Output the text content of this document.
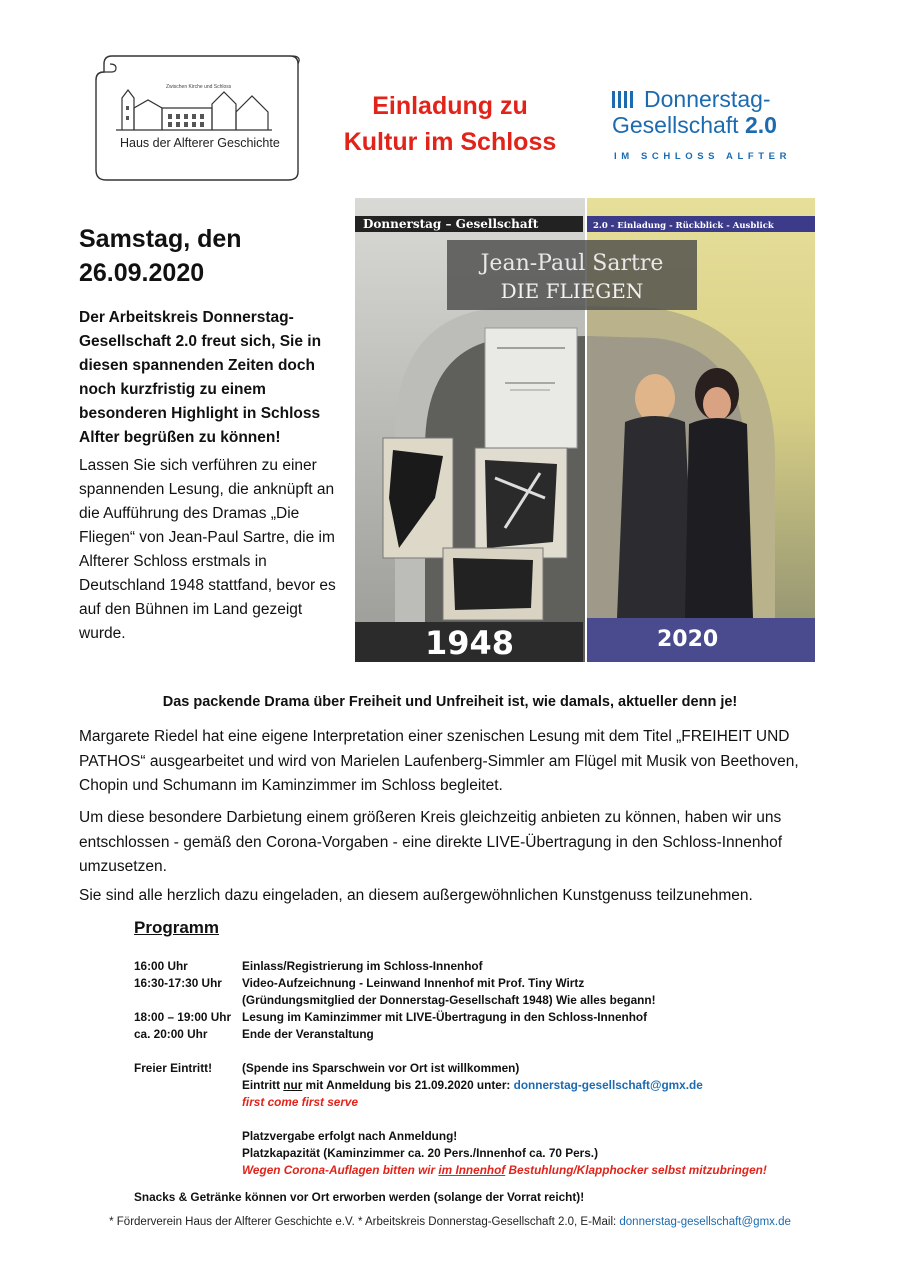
Zwischen Kirche und Schloss
Haus der Alfterer Geschichte
Einladung zu
Kultur im Schloss
Donnerstag-
Gesellschaft 2.0
IM SCHLOSS ALFTER
Samstag, den
26.09.2020
Der Arbeitskreis Donnerstag-Gesellschaft 2.0 freut sich, Sie in diesen spannenden Zeiten doch noch kurzfristig zu einem besonderen Highlight in Schloss Alfter begrüßen zu können!
Lassen Sie sich verführen zu einer spannenden Lesung, die anknüpft an die Aufführung des Dramas „Die Fliegen“ von Jean-Paul Sartre, die im Alfterer Schloss erstmals in Deutschland 1948 stattfand, bevor es auf den Bühnen im Land gezeigt wurde.
Donnerstag – Gesellschaft	2.0 - Einladung - Rückblick - Ausblick
Jean-Paul Sartre
DIE FLIEGEN
1948	2020
Das packende Drama über Freiheit und Unfreiheit ist, wie damals, aktueller denn je!
Margarete Riedel hat eine eigene Interpretation einer szenischen Lesung mit dem Titel „FREIHEIT UND PATHOS“ ausgearbeitet und wird von Marielen Laufenberg-Simmler am Flügel mit Musik von Beethoven, Chopin und Schumann im Kaminzimmer im Schloss begleitet.
Um diese besondere Darbietung einem größeren Kreis gleichzeitig anbieten zu können, haben wir uns entschlossen - gemäß den Corona-Vorgaben - eine direkte LIVE-Übertragung in den Schloss-Innenhof umzusetzen.
Sie sind alle herzlich dazu eingeladen, an diesem außergewöhnlichen Kunstgenuss teilzunehmen.
Programm
16:00 Uhr	Einlass/Registrierung im Schloss-Innenhof
16:30-17:30 Uhr Video-Aufzeichnung - Leinwand Innenhof mit Prof. Tiny Wirtz
(Gründungsmitglied der Donnerstag-Gesellschaft 1948) Wie alles begann!
18:00 – 19:00 Uhr Lesung im Kaminzimmer mit LIVE-Übertragung in den Schloss-Innenhof
ca. 20:00 Uhr	Ende der Veranstaltung
Freier Eintritt!	(Spende ins Sparschwein vor Ort ist willkommen)
Eintritt nur mit Anmeldung bis 21.09.2020 unter: donnerstag-gesellschaft@gmx.de
first come first serve
Platzvergabe erfolgt nach Anmeldung!
Platzkapazität (Kaminzimmer ca. 20 Pers./Innenhof ca. 70 Pers.)
Wegen Corona-Auflagen bitten wir im Innenhof Bestuhlung/Klapphocker selbst mitzubringen!
Snacks & Getränke können vor Ort erworben werden (solange der Vorrat reicht)!
* Förderverein Haus der Alfterer Geschichte e.V. * Arbeitskreis Donnerstag-Gesellschaft 2.0, E-Mail: donnerstag-gesellschaft@gmx.de
